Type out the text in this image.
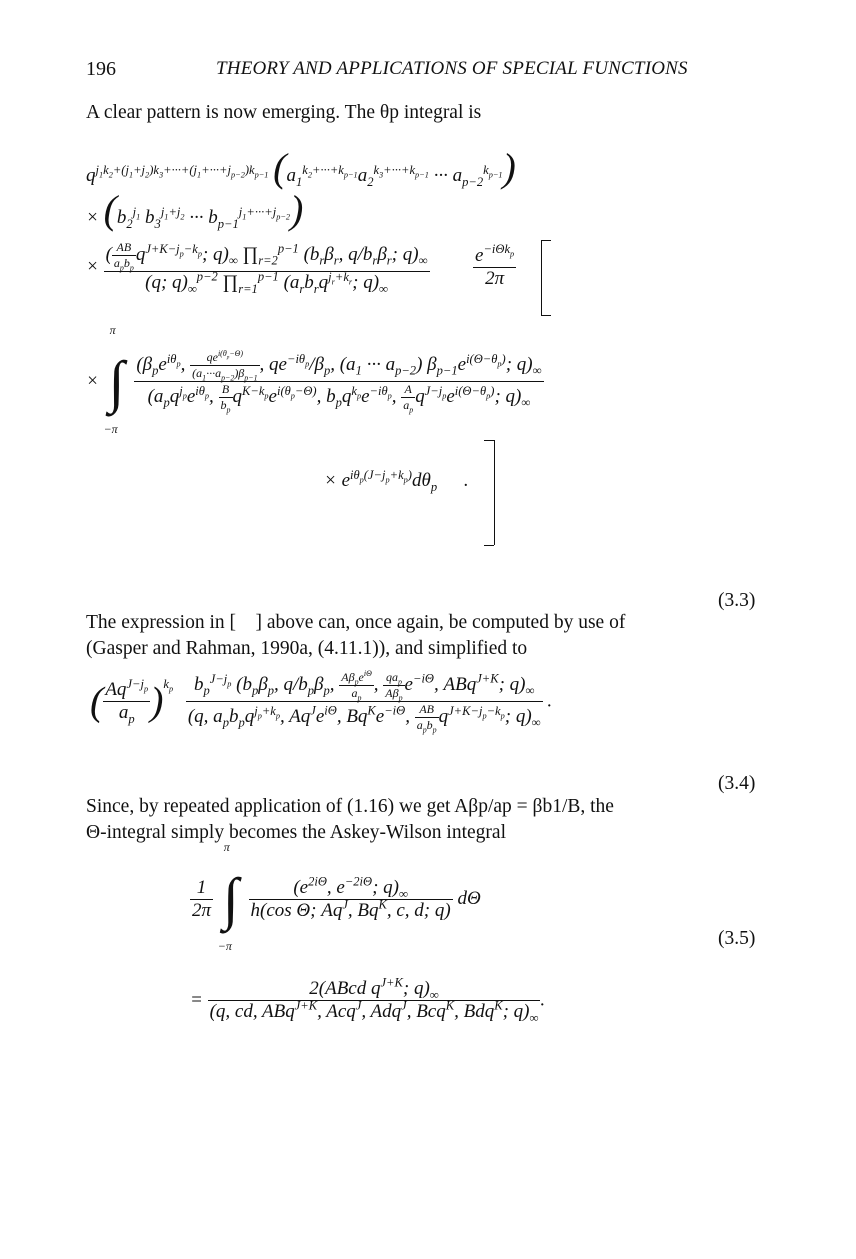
196	THEORY AND APPLICATIONS OF SPECIAL FUNCTIONS
A clear pattern is now emerging. The θp integral is
$q^{j_1k_2+(j_1+j_2)k_3+\cdot\cdot\cdot+(j_1+\cdot\cdot\cdot+j_{p-2})k_{p-1}}$ ($a_1^{k_2+\cdot\cdot\cdot+k_{p-1}}a_2^{k_3+\cdot\cdot\cdot+k_{p-1}}$ ··· $a_{p-2}^{k_{p-1}}$)
× ($b_2^{j_1}$ $b_3^{j_1+j_2}$ ··· $b_{p-1}^{j_1+\cdot\cdot\cdot+j_{p-2}}$)
×
( AB
$a_pb_p$
$q^{J+K-j_p-k_p}$; $q)_\infty$ $\prod_{r=2}^{p-1}$ ($b_r\beta_r$, $q/b_r\beta_r$; $q)_\infty$
(q; $q)_\infty^{p-2}$ $\prod_{r=1}^{p-1}$ ($a_rb_rq^{j_r+k_r}$; $q)_\infty$

$e^{-i\Theta k_p}$
2π
×
π
∫
−π

($\beta_pe^{i\theta_p}$,	$qe^{i(\theta_p-\Theta)}$
$(a_1\cdot\cdot\cdot a_{p-2})\beta_{p-1}$
, $qe^{-i\theta_p}/\beta_p$, ($a_1$ ··· $a_{p-2}$) $\beta_{p-1}e^{i(\Theta-\theta_p)}$; $q)_\infty$
($a_pq^{j_p}e^{i\theta_p}$, $\frac{B}{b_p} q^{K-k_p}e^{i(\theta_p-\Theta)}$, $b_pq^{k_p}e^{-i\theta_p}$, $\frac{A}{a_p} q^{J-j_p}e^{i(\Theta-\theta_p)}$; $q)_\infty$
× $e^{i\theta_p(J-j_p+k_p)}d\theta_p$ .
(3.3)
The expression in [    ] above can, once again, be computed by use of
(Gasper and Rahman, 1990a, (4.11.1)), and simplified to
( $Aq^{J-j_p}$
$a_p$ )$^{k_p}$	$b_p^{J-j_p}$ ($b_p\beta_p$, $q/b_p\beta_p$, $A\beta_pe^{i\Theta}$
$a_p$
, $qa_p$
$A\beta_p$
$e^{-i\Theta}$, ABq$^{J+K}$; $q)_\infty$
(q, $a_pb_pq^{j_p+k_p}$, $Aq^Je^{i\Theta}$, $Bq^Ke^{-i\Theta}$, AB
$a_pb_p$
$q^{J+K-j_p-k_p}$; $q)_\infty$
.
(3.4)
Since, by repeated application of (1.16) we get Aβp/ap = βb1/B, the
Θ-integral simply becomes the Askey-Wilson integral
$\frac{1}{2\pi}$

π
∫
−π

($e^{2i\Theta}$, $e^{-2i\Theta}$; $q)_\infty$
h(cos Θ; $Aq^J$, $Bq^K$, c, d; q)
dΘ
=
2(ABcd $q^{J+K}$; $q)_\infty$
(q, cd, ABq$^{J+K}$, Acq$^J$, Adq$^J$, Bcq$^K$, Bdq$^K$; $q)_\infty$
.
(3.5)
